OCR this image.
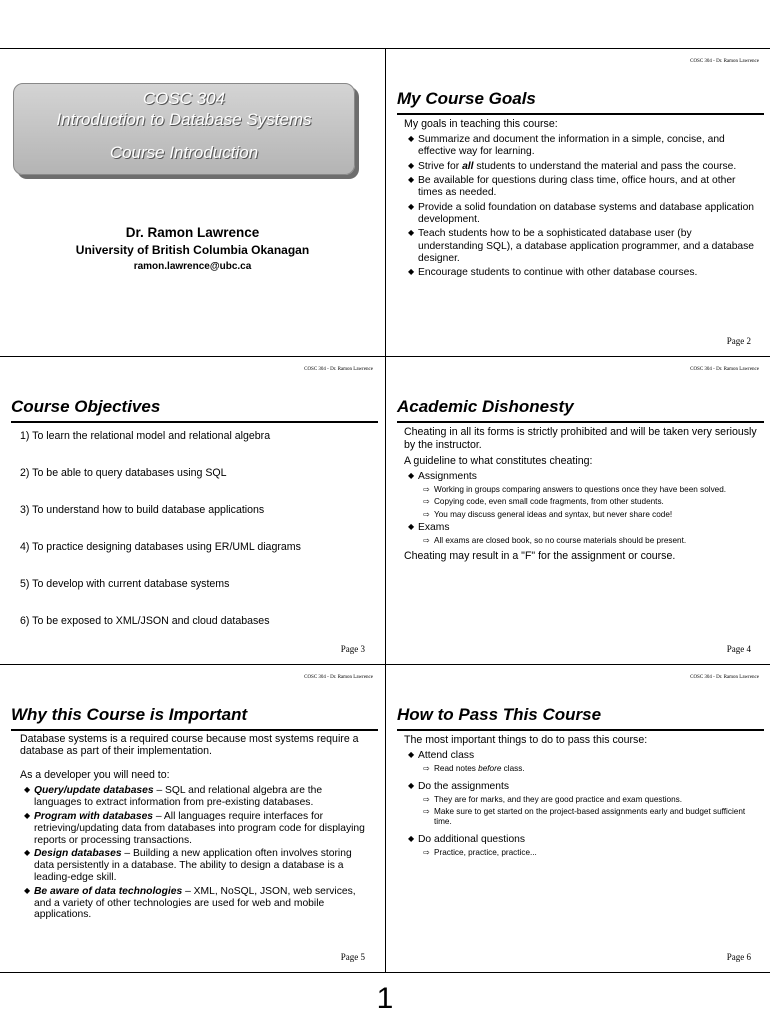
COSC 304
Introduction to Database Systems
Course Introduction
Dr. Ramon Lawrence
University of British Columbia Okanagan
ramon.lawrence@ubc.ca
COSC 304 - Dr. Ramon Lawrence
My Course Goals

My goals in teaching this course:

◆ Summarize and document the information in a simple, concise, and effective way for learning.
◆ Strive for all students to understand the material and pass the course.
◆ Be available for questions during class time, office hours, and at other times as needed.
◆ Provide a solid foundation on database systems and database application development.
◆ Teach students how to be a sophisticated database user (by understanding SQL), a database application programmer, and a database designer.
◆ Encourage students to continue with other database courses.
Page 2
COSC 304 - Dr. Ramon Lawrence
Course Objectives
1) To learn the relational model and relational algebra
2) To be able to query databases using SQL
3) To understand how to build database applications
4) To practice designing databases using ER/UML diagrams
5) To develop with current database systems
6) To be exposed to XML/JSON and cloud databases
Page 3
COSC 304 - Dr. Ramon Lawrence
Academic Dishonesty

Cheating in all its forms is strictly prohibited and will be taken very seriously by the instructor.

A guideline to what constitutes cheating:

◆ Assignments
⇨ Working in groups comparing answers to questions once they have been solved.
⇨ Copying code, even small code fragments, from other students.
⇨ You may discuss general ideas and syntax, but never share code!
◆ Exams
⇨ All exams are closed book, so no course materials should be present.

Cheating may result in a "F" for the assignment or course.

Page 4
COSC 304 - Dr. Ramon Lawrence
Why this Course is Important

Database systems is a required course because most systems require a database as part of their implementation.

As a developer you will need to:

◆ Query/update databases – SQL and relational algebra are the languages to extract information from pre-existing databases.
◆ Program with databases – All languages require interfaces for retrieving/updating data from databases into program code for displaying reports or processing transactions.
◆ Design databases – Building a new application often involves storing data persistently in a database. The ability to design a database is a leading-edge skill.
◆ Be aware of data technologies – XML, NoSQL, JSON, web services, and a variety of other technologies are used for web and mobile applications.
Page 5
COSC 304 - Dr. Ramon Lawrence
How to Pass This Course

The most important things to do to pass this course:

◆ Attend class
⇨ Read notes before class.
◆ Do the assignments
⇨ They are for marks, and they are good practice and exam questions.
⇨ Make sure to get started on the project-based assignments early and budget sufficient time.
◆ Do additional questions
⇨ Practice, practice, practice...
Page 6
1
